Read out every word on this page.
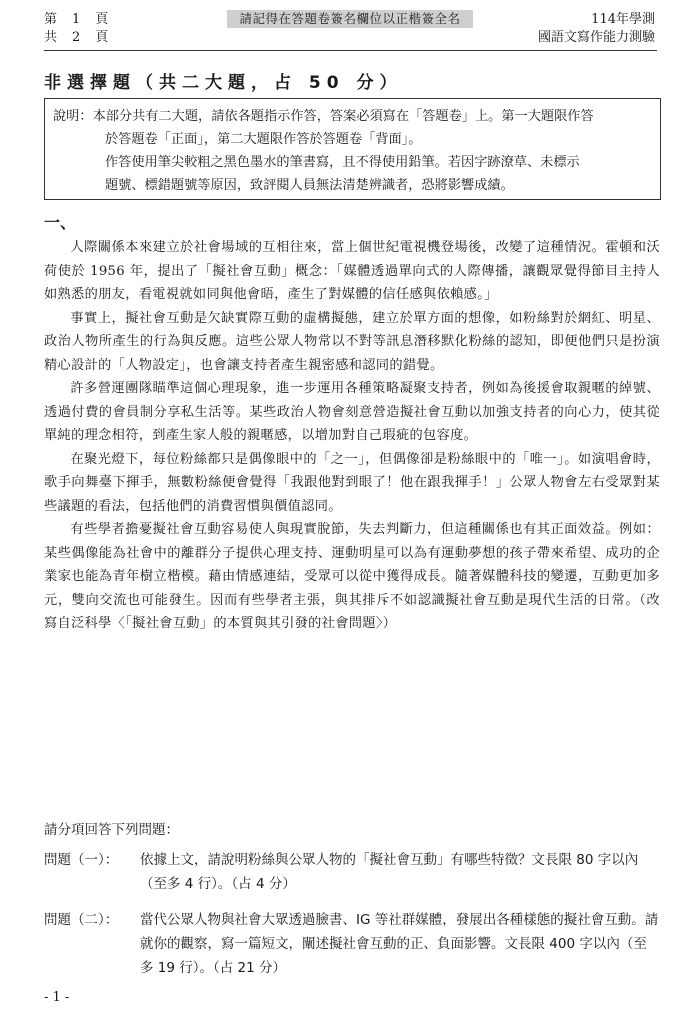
第　1　頁
共　2　頁
請記得在答題卷簽名欄位以正楷簽全名	114年學測
國語文寫作能力測驗
非選擇題（共二大題，占 50 分）
說明： 本部分共有二大題，請依各題指示作答，答案必須寫在「答題卷」上。第一大題限作答
於答題卷「正面」，第二大題限作答於答題卷「背面」。
作答使用筆尖較粗之黑色墨水的筆書寫，且不得使用鉛筆。若因字跡潦草、未標示
題號、標錯題號等原因，致評閱人員無法清楚辨識者，恐將影響成績。
一、

人際關係本來建立於社會場域的互相往來，當上個世紀電視機登場後，改變了這種情況。霍頓和沃荷使於 1956 年，提出了「擬社會互動」概念：「媒體透過單向式的人際傳播，讓觀眾覺得節目主持人如熟悉的朋友，看電視就如同與他會晤，產生了對媒體的信任感與依賴感。」

事實上，擬社會互動是欠缺實際互動的虛構擬態，建立於單方面的想像，如粉絲對於網紅、明星、政治人物所產生的行為與反應。這些公眾人物常以不對等訊息潛移默化粉絲的認知，即便他們只是扮演精心設計的「人物設定」，也會讓支持者產生親密感和認同的錯覺。

許多營運團隊瞄準這個心理現象，進一步運用各種策略凝聚支持者，例如為後援會取親暱的綽號、透過付費的會員制分享私生活等。某些政治人物會刻意營造擬社會互動以加強支持者的向心力，使其從單純的理念相符，到產生家人般的親暱感，以增加對自己瑕疵的包容度。

在聚光燈下，每位粉絲都只是偶像眼中的「之一」，但偶像卻是粉絲眼中的「唯一」。如演唱會時，歌手向舞臺下揮手，無數粉絲便會覺得「我跟他對到眼了！他在跟我揮手！」公眾人物會左右受眾對某些議題的看法，包括他們的消費習慣與價值認同。

有些學者擔憂擬社會互動容易使人與現實脫節，失去判斷力，但這種關係也有其正面效益。例如：某些偶像能為社會中的離群分子提供心理支持、運動明星可以為有運動夢想的孩子帶來希望、成功的企業家也能為青年樹立楷模。藉由情感連結，受眾可以從中獲得成長。隨著媒體科技的變遷，互動更加多元，雙向交流也可能發生。因而有些學者主張，與其排斥不如認識擬社會互動是現代生活的日常。（改寫自泛科學〈「擬社會互動」的本質與其引發的社會問題〉）

請分項回答下列問題：
問題（一）：	依據上文，請說明粉絲與公眾人物的「擬社會互動」有哪些特徵？文長限 80 字以內（至多 4 行）。（占 4 分）
問題（二）：	當代公眾人物與社會大眾透過臉書、IG 等社群媒體，發展出各種樣態的擬社會互動。請就你的觀察，寫一篇短文，闡述擬社會互動的正、負面影響。文長限 400 字以內（至多 19 行）。（占 21 分）
- 1 -
